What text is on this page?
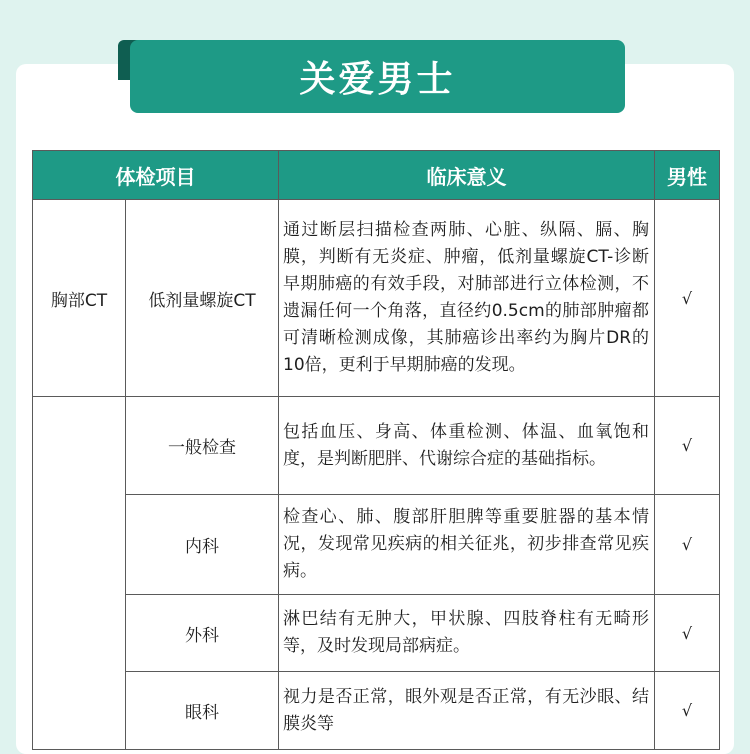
关爱男士
体检项目		临床意义	男性
胸部CT	低剂量螺旋CT	通过断层扫描检查两肺、心脏、纵隔、膈、胸膜，判断有无炎症、肿瘤，低剂量螺旋CT-诊断早期肺癌的有效手段，对肺部进行立体检测，不遗漏任何一个角落，直径约0.5cm的肺部肿瘤都可清晰检测成像，其肺癌诊出率约为胸片DR的10倍，更利于早期肺癌的发现。	√
	一般检查	包括血压、身高、体重检测、体温、血氧饱和度，是判断肥胖、代谢综合症的基础指标。	√
	内科	检查心、肺、腹部肝胆脾等重要脏器的基本情况，发现常见疾病的相关征兆，初步排查常见疾病。	√
	外科	淋巴结有无肿大，甲状腺、四肢脊柱有无畸形等，及时发现局部病症。	√
	眼科	视力是否正常，眼外观是否正常，有无沙眼、结膜炎等	√
